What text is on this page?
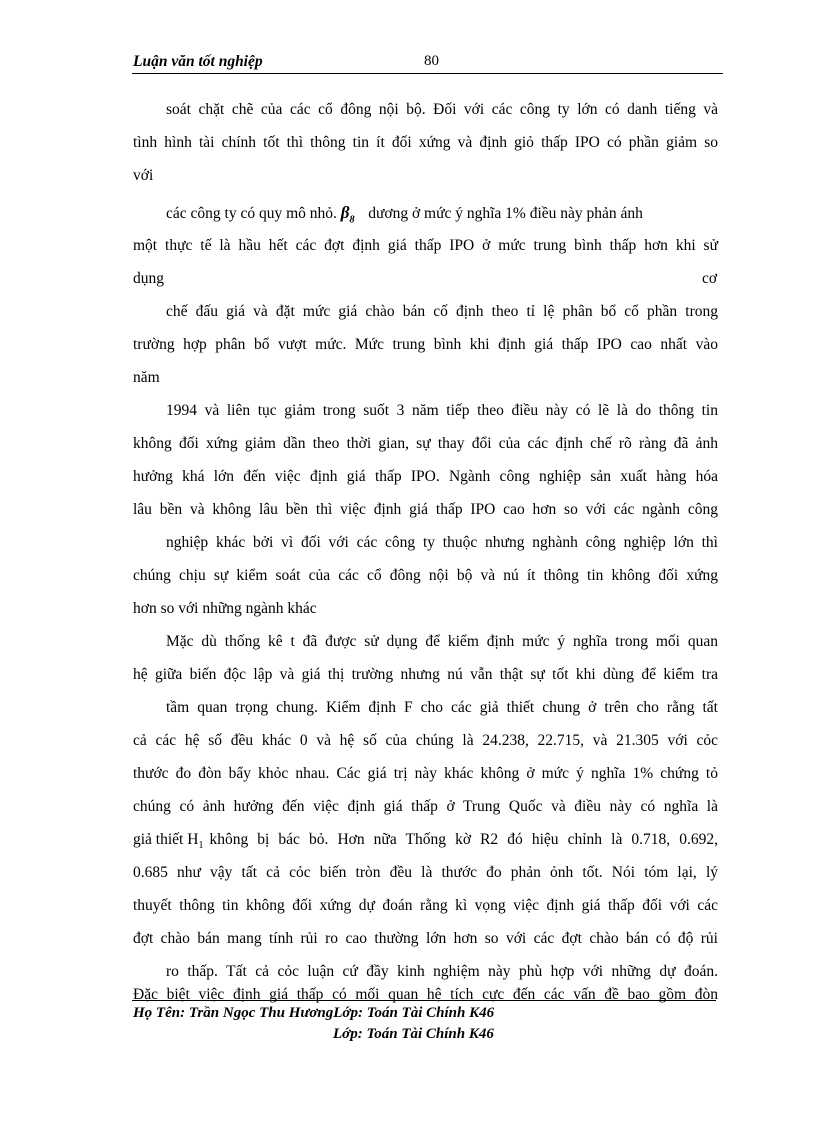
Luận văn tốt nghiệp	80
soát chặt chẽ của các cổ đông nội bộ. Đối với các công ty lớn có danh tiếng và
tình hình tài chính tốt thì thông tin ít đối xứng và định giỏ thấp IPO có phần giảm so
với
các công ty có quy mô nhỏ. $\beta_8$ dương ở mức ý nghĩa 1% điều này phản ánh
một thực tế là hầu hết các đợt định giá thấp IPO ở mức trung bình thấp hơn khi sử
dụng	cơ
chế đấu giá và đặt mức giá chào bán cố định theo tỉ lệ phân bổ cổ phần trong
trường hợp phân bổ vượt mức. Mức trung bình khi định giá thấp IPO cao nhất vào
năm
1994 và liên tục giảm trong suốt 3 năm tiếp theo điều này có lẽ là do thông tin
không đối xứng giảm dần theo thời gian, sự thay đổi của các định chế rõ ràng đã ảnh
hưởng khá lớn đến việc định giá thấp IPO. Ngành công nghiệp sản xuất hàng hóa
lâu bền và không lâu bền thì việc định giá thấp IPO cao hơn so với các ngành công
nghiệp khác bởi vì đối với các công ty thuộc nhưng nghành công nghiệp lớn thì
chúng chịu sự kiểm soát của các cổ đông nội bộ và nú ít thông tin không đối xứng
hơn so với những ngành khác
Mặc dù thống kê t đã được sử dụng để kiểm định mức ý nghĩa trong mối quan
hệ giữa biến độc lập và giá thị trường nhưng nú vẫn thật sự tốt khi dùng để kiểm tra
tầm quan trọng chung. Kiểm định F cho các giả thiết chung ở trên cho rằng tất
cả các hệ số đều khác 0 và hệ số của chúng là 24.238, 22.715, và 21.305 với cỏc
thước đo đòn bẩy khỏc nhau. Các giá trị này khác không ở mức ý nghĩa 1% chứng tỏ
chúng có ảnh hưởng đến việc định giá thấp ở Trung Quốc và điều này có nghĩa là
giả thiết $H_1$ không bị bác bỏ. Hơn nữa Thống kờ R2 đó hiệu chỉnh là 0.718, 0.692,
0.685 như vậy tất cả cỏc biến tròn đều là thước đo phản ỏnh tốt. Nói tóm lại, lý
thuyết thông tin không đối xứng dự đoán rằng kì vọng việc định giá thấp đối với các
đợt chào bán mang tính rủi ro cao thường lớn hơn so với các đợt chào bán có độ rủi
ro thấp. Tất cả cỏc luận cứ đầy kinh nghiệm này phù hợp với những dự đoán.
Đặc biệt việc định giá thấp có mối quan hệ tích cực đến các vấn đề bao gồm đòn
Họ Tên: Trần Ngọc Thu HươngLớp: Toán Tài Chính K46
Lớp: Toán Tài Chính K46
